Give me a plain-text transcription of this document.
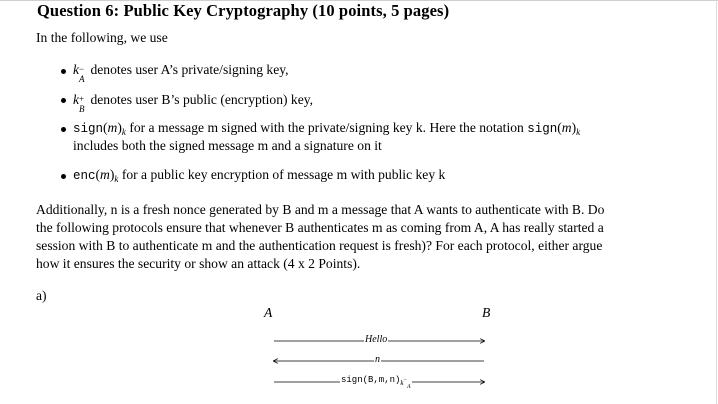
Question 6: Public Key Cryptography (10 points, 5 pages)
In the following, we use
k −
A
denotes user A’s private/signing key,
k +
B
denotes user B’s public (encryption) key,
$sign(m)_k$ for a message m signed with the private/signing key k. Here the notation $sign(m)_k$
includes both the signed message m and a signature on it
$enc(m)_k$ for a public key encryption of message m with public key k
Additionally, n is a fresh nonce generated by B and m a message that A wants to authenticate with B. Do
the following protocols ensure that whenever B authenticates m as coming from A, A has really started a
session with B to authenticate m and the authentication request is fresh)? For each protocol, either argue
how it ensures the security or show an attack (4 x 2 Points).
a)
A	B
Hello
n
$sign(B,m,n)_k-_A$
